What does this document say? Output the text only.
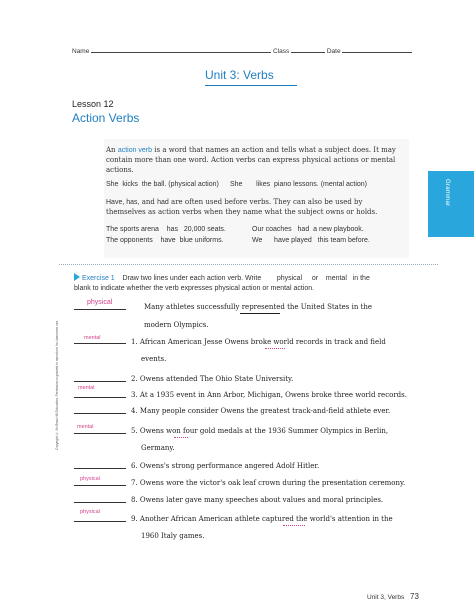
Name	Class	Date
Unit 3: Verbs
Lesson 12
Action Verbs
Grammar
Copyright © McGraw-Hill Education. Permission is granted to reproduce for classroom use.
An action verb is a word that names an action and tells what a subject does. It may
contain more than one word. Action verbs can express physical actions or mental
actions.
She kicks the ball. (physical action) She likes piano lessons. (mental action)
Have, has, and had are often used before verbs. They can also be used by
themselves as action verbs when they name what the subject owns or holds.
The sports arena has 20,000 seats.	Our coaches had a new playbook.
The opponents have blue uniforms.	We have played this team before.
Exercise 1 Draw two lines under each action verb. Write physical or mental in the
blank to indicate whether the verb expresses physical action or mental action.
physical
Many athletes successfully represented the United States in the
modern Olympics.
mental	1. African American Jesse Owens broke world records in track and field
events.
2. Owens attended The Ohio State University.
mental
3. At a 1935 event in Ann Arbor, Michigan, Owens broke three world records.
4. Many people consider Owens the greatest track-and-field athlete ever.
mental	5. Owens won four gold medals at the 1936 Summer Olympics in Berlin,
Germany.
6. Owens's strong performance angered Adolf Hitler.
physical	7. Owens wore the victor's oak leaf crown during the presentation ceremony.
8. Owens later gave many speeches about values and moral principles.
physical
9. Another African American athlete captured the world's attention in the
1960 Italy games.
Unit 3, Verbs 73
